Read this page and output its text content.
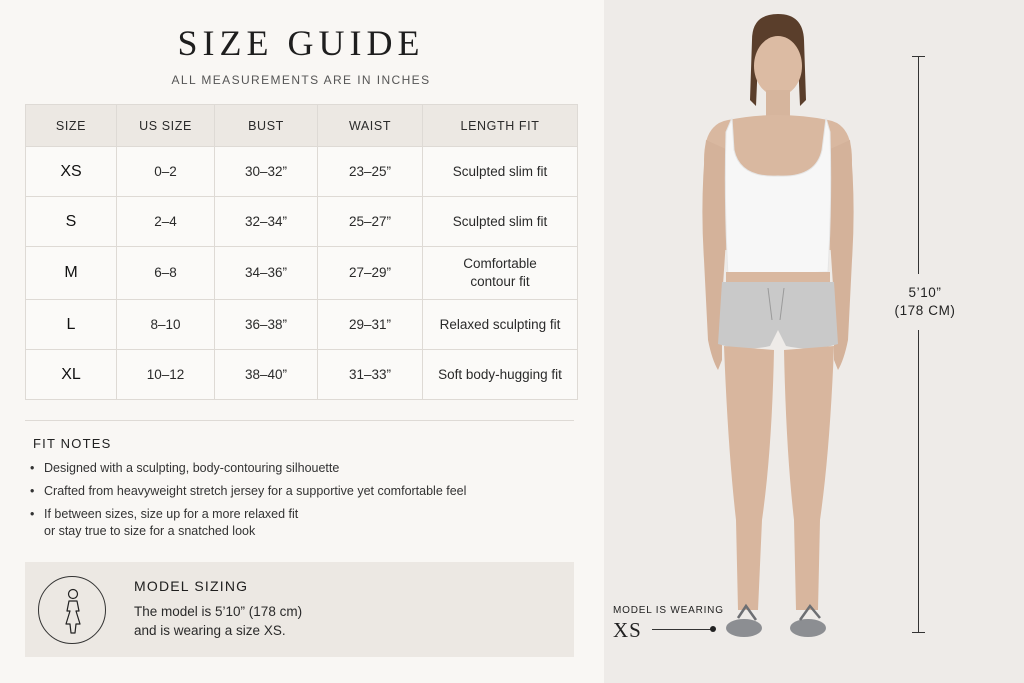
SIZE GUIDE
ALL MEASUREMENTS ARE IN INCHES
SIZE	US SIZE	BUST	WAIST	LENGTH FIT
XS	0–2	30–32”	23–25”	Sculpted slim fit
S	2–4	32–34”	25–27”	Sculpted slim fit
M	6–8	34–36”	27–29”	Comfortable
contour fit
L	8–10	36–38”	29–31”	Relaxed sculpting fit
XL	10–12	38–40”	31–33”	Soft body-hugging fit
FIT NOTES
• Designed with a sculpting, body-contouring silhouette
• Crafted from heavyweight stretch jersey for a supportive yet comfortable feel
• If between sizes, size up for a more relaxed fit
or stay true to size for a snatched look
MODEL SIZING
The model is 5’10” (178 cm)
and is wearing a size XS.
5’10”
(178 CM)
MODEL IS WEARING
XS
